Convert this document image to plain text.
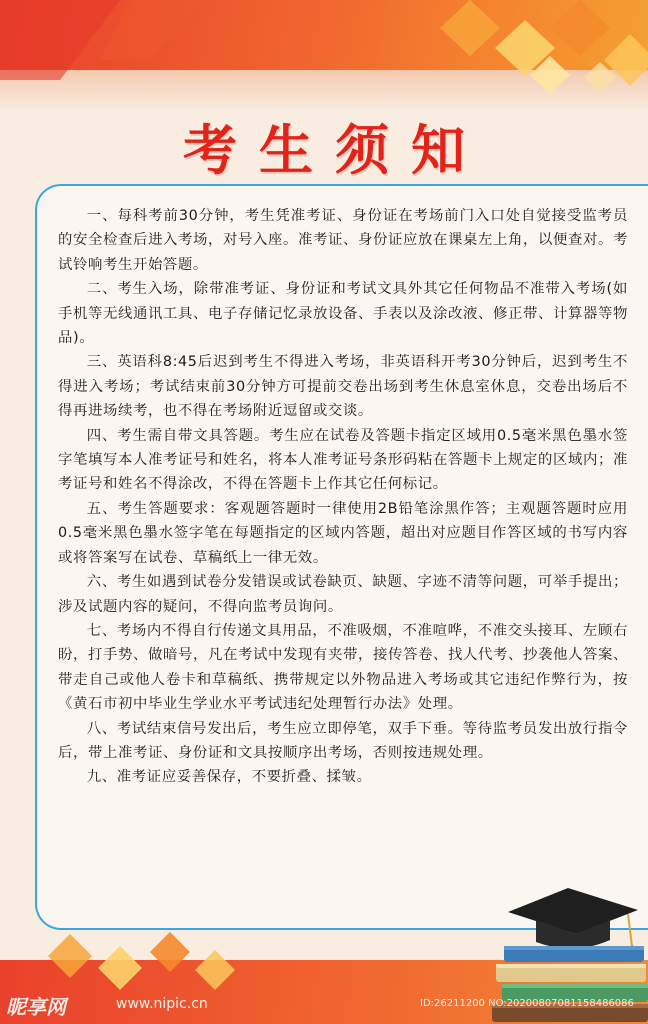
考生须知

一、每科考前30分钟，考生凭准考证、身份证在考场前门入口处自觉接受监考员的安全检查后进入考场，对号入座。准考证、身份证应放在课桌左上角，以便查对。考试铃响考生开始答题。

二、考生入场，除带准考证、身份证和考试文具外其它任何物品不准带入考场(如手机等无线通讯工具、电子存储记忆录放设备、手表以及涂改液、修正带、计算器等物品)。

三、英语科8:45后迟到考生不得进入考场，非英语科开考30分钟后，迟到考生不得进入考场；考试结束前30分钟方可提前交卷出场到考生休息室休息，交卷出场后不得再进场续考，也不得在考场附近逗留或交谈。

四、考生需自带文具答题。考生应在试卷及答题卡指定区域用0.5毫米黑色墨水签字笔填写本人准考证号和姓名，将本人准考证号条形码粘在答题卡上规定的区域内；准考证号和姓名不得涂改，不得在答题卡上作其它任何标记。

五、考生答题要求：客观题答题时一律使用2B铅笔涂黑作答；主观题答题时应用0.5毫米黑色墨水签字笔在每题指定的区域内答题，超出对应题目作答区域的书写内容或将答案写在试卷、草稿纸上一律无效。

六、考生如遇到试卷分发错误或试卷缺页、缺题、字迹不清等问题，可举手提出；涉及试题内容的疑问，不得向监考员询问。

七、考场内不得自行传递文具用品，不准吸烟，不准喧哗，不准交头接耳、左顾右盼，打手势、做暗号，凡在考试中发现有夹带，接传答卷、找人代考、抄袭他人答案、带走自己或他人卷卡和草稿纸、携带规定以外物品进入考场或其它违纪作弊行为，按《黄石市初中毕业生学业水平考试违纪处理暂行办法》处理。

八、考试结束信号发出后，考生应立即停笔，双手下垂。等待监考员发出放行指令后，带上准考证、身份证和文具按顺序出考场，否则按违规处理。

九、准考证应妥善保存，不要折叠、揉皱。

昵享网	www.nipic.cn	ID:26211200 NO:20200807081158486086
